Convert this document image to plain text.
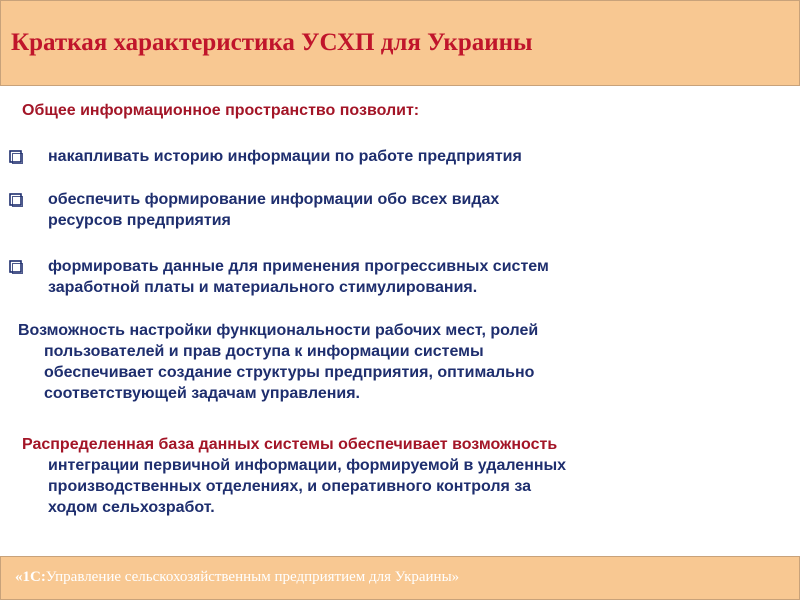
Краткая характеристика УСХП для Украины
Общее информационное пространство позволит:
накапливать историю информации по работе предприятия
обеспечить формирование информации обо всех видах
ресурсов предприятия
формировать данные для применения прогрессивных систем
заработной платы и материального стимулирования.
Возможность настройки функциональности рабочих мест, ролей
пользователей и прав доступа к информации системы
обеспечивает создание структуры предприятия, оптимально
соответствующей задачам управления.
Распределенная база данных системы обеспечивает возможность
интеграции первичной информации, формируемой в удаленных
производственных отделениях, и оперативного контроля за
ходом сельхозработ.
«1С:Управление сельскохозяйственным предприятием для Украины»
